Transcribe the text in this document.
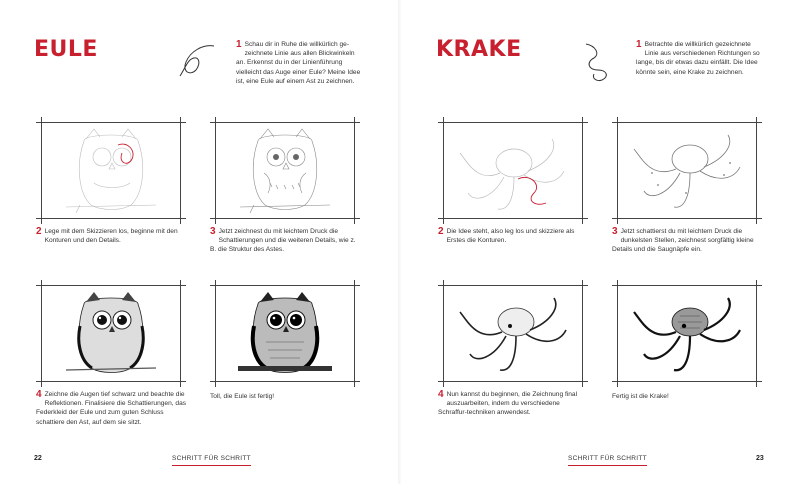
EULE	1 Schau dir in Ruhe die willkürlich ge-zeichnete Linie aus allen Blickwinkeln an. Erkennst du in der Linienführung vielleicht das Auge einer Eule? Meine Idee ist, eine Eule auf einem Ast zu zeichnen.
2 Lege mit dem Skizzieren los, beginne mit den Konturen und den Details.
3 Jetzt zeichnest du mit leichtem Druck die Schattierungen und die weiteren Details, wie z. B. die Struktur des Astes.
4 Zeichne die Augen tief schwarz und beachte die Reflektionen. Finalisiere die Schattierungen, das Federkleid der Eule und zum guten Schluss schattiere den Ast, auf dem sie sitzt.
Toll, die Eule ist fertig!
22	SCHRITT FÜR SCHRITT
KRAKE	1 Betrachte die willkürlich gezeichnete Linie aus verschiedenen Richtungen so lange, bis dir etwas dazu einfällt. Die Idee könnte sein, eine Krake zu zeichnen.
2 Die Idee steht, also leg los und skizziere als Erstes die Konturen.
3 Jetzt schattierst du mit leichtem Druck die dunkelsten Stellen, zeichnest sorgfältig kleine Details und die Saugnäpfe ein.
4 Nun kannst du beginnen, die Zeichnung final auszuarbeiten, indem du verschiedene Schraffur-techniken anwendest.
Fertig ist die Krake!
SCHRITT FÜR SCHRITT	23
